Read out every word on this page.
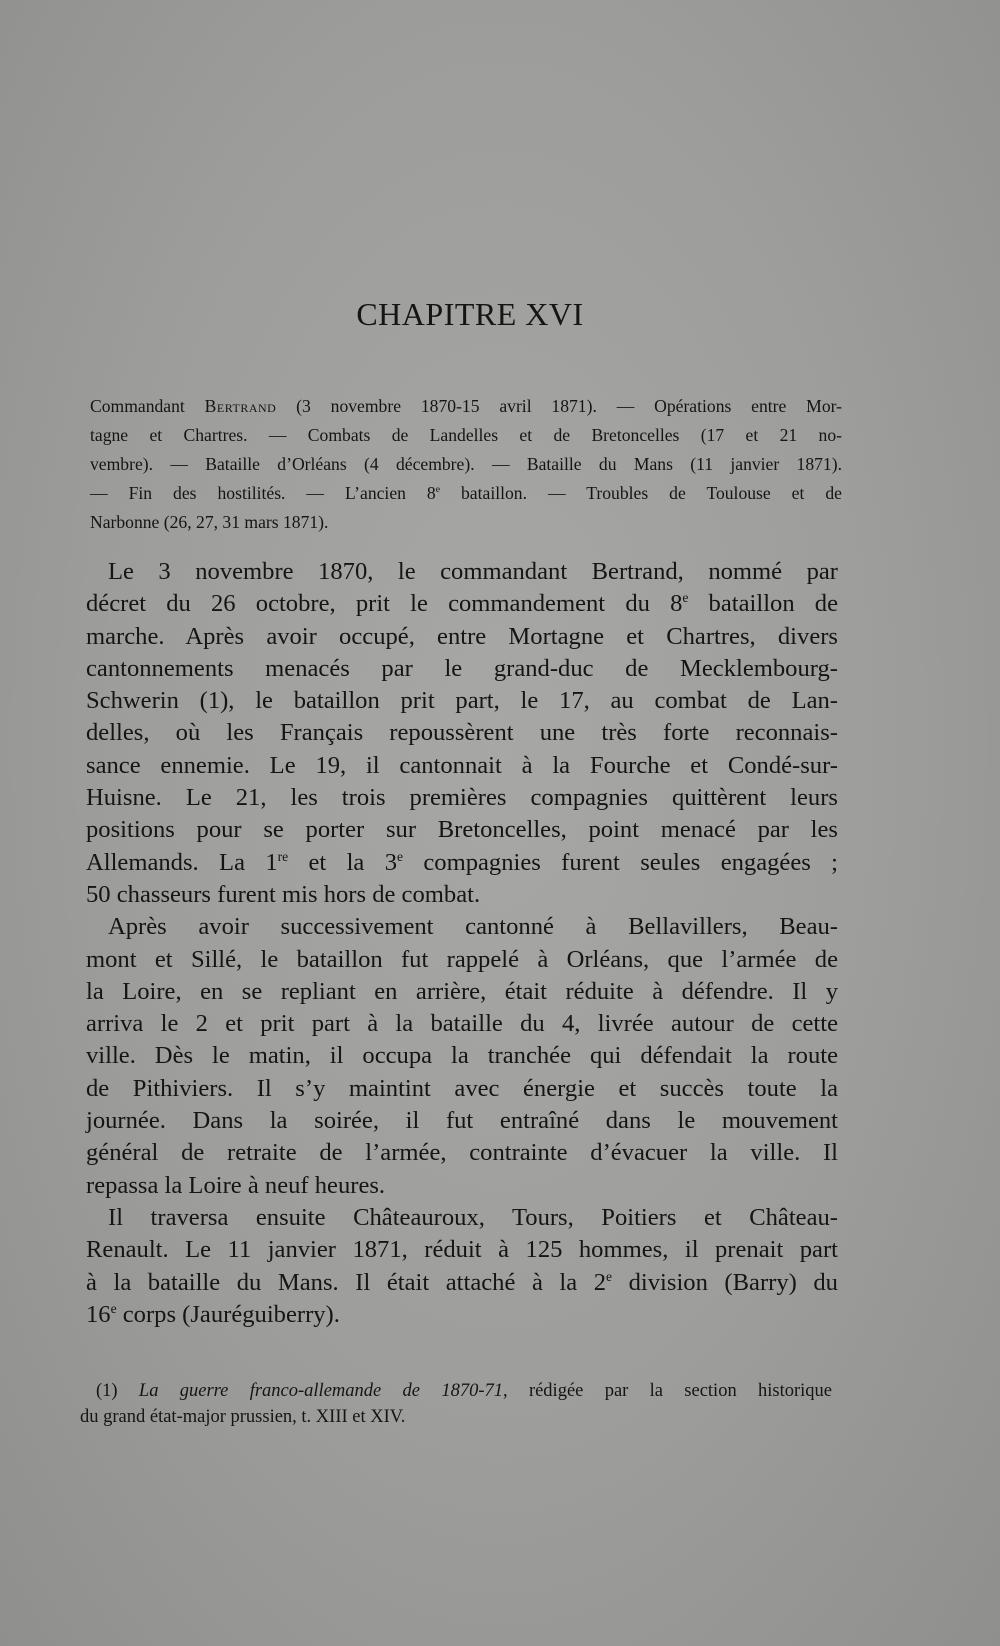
CHAPITRE XVI
Commandant Bertrand (3 novembre 1870-15 avril 1871). — Opérations entre Mor-
tagne et Chartres. — Combats de Landelles et de Bretoncelles (17 et 21 no-
vembre). — Bataille d’Orléans (4 décembre). — Bataille du Mans (11 janvier 1871).
— Fin des hostilités. — L’ancien 8e bataillon. — Troubles de Toulouse et de
Narbonne (26, 27, 31 mars 1871).
Le 3 novembre 1870, le commandant Bertrand, nommé par
décret du 26 octobre, prit le commandement du 8e bataillon de
marche. Après avoir occupé, entre Mortagne et Chartres, divers
cantonnements menacés par le grand-duc de Mecklembourg-
Schwerin (1), le bataillon prit part, le 17, au combat de Lan-
delles, où les Français repoussèrent une très forte reconnais-
sance ennemie. Le 19, il cantonnait à la Fourche et Condé-sur-
Huisne. Le 21, les trois premières compagnies quittèrent leurs
positions pour se porter sur Bretoncelles, point menacé par les
Allemands. La 1re et la 3e compagnies furent seules engagées ;
50 chasseurs furent mis hors de combat.
Après avoir successivement cantonné à Bellavillers, Beau-
mont et Sillé, le bataillon fut rappelé à Orléans, que l’armée de
la Loire, en se repliant en arrière, était réduite à défendre. Il y
arriva le 2 et prit part à la bataille du 4, livrée autour de cette
ville. Dès le matin, il occupa la tranchée qui défendait la route
de Pithiviers. Il s’y maintint avec énergie et succès toute la
journée. Dans la soirée, il fut entraîné dans le mouvement
général de retraite de l’armée, contrainte d’évacuer la ville. Il
repassa la Loire à neuf heures.
Il traversa ensuite Châteauroux, Tours, Poitiers et Château-
Renault. Le 11 janvier 1871, réduit à 125 hommes, il prenait part
à la bataille du Mans. Il était attaché à la 2e division (Barry) du
16e corps (Jauréguiberry).
(1) La guerre franco-allemande de 1870-71, rédigée par la section historique
du grand état-major prussien, t. XIII et XIV.
